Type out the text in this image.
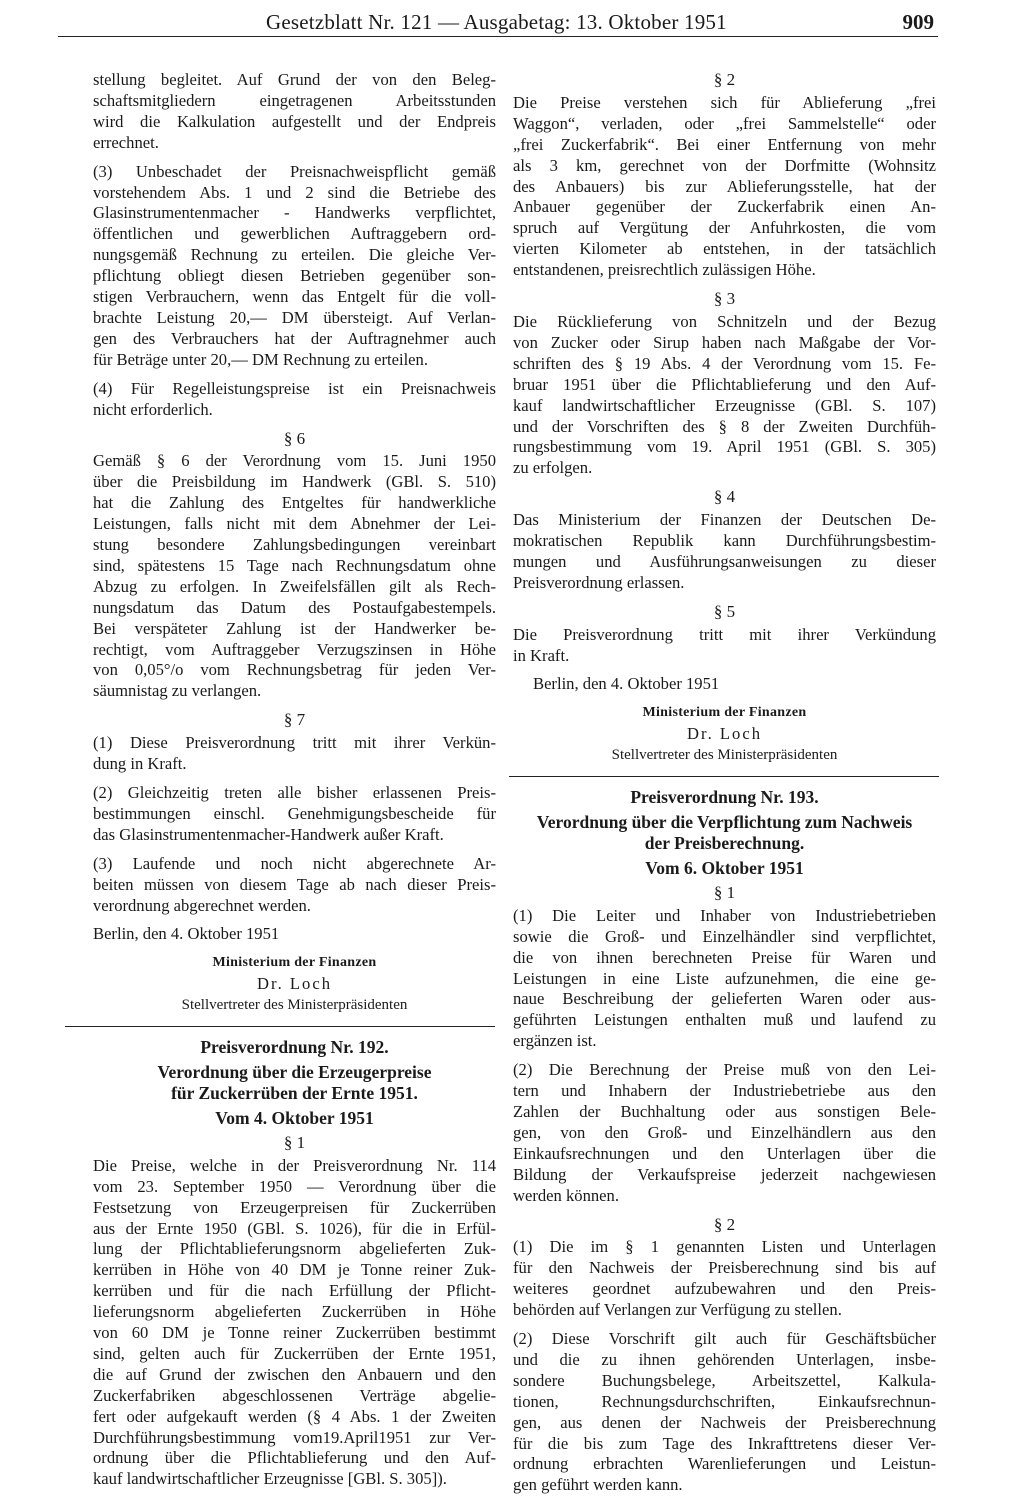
Gesetzblatt Nr. 121 — Ausgabetag: 13. Oktober 1951	909
stellung begleitet. Auf Grund der von den Beleg-
schaftsmitgliedern eingetragenen Arbeitsstunden
wird die Kalkulation aufgestellt und der Endpreis
errechnet.
(3) Unbeschadet der Preisnachweispflicht gemäß
vorstehendem Abs. 1 und 2 sind die Betriebe des
Glasinstrumentenmacher - Handwerks verpflichtet,
öffentlichen und gewerblichen Auftraggebern ord-
nungsgemäß Rechnung zu erteilen. Die gleiche Ver-
pflichtung obliegt diesen Betrieben gegenüber son-
stigen Verbrauchern, wenn das Entgelt für die voll-
brachte Leistung 20,— DM übersteigt. Auf Verlan-
gen des Verbrauchers hat der Auftragnehmer auch
für Beträge unter 20,— DM Rechnung zu erteilen.
(4) Für Regelleistungspreise ist ein Preisnachweis
nicht erforderlich.
§ 6
Gemäß § 6 der Verordnung vom 15. Juni 1950
über die Preisbildung im Handwerk (GBl. S. 510)
hat die Zahlung des Entgeltes für handwerkliche
Leistungen, falls nicht mit dem Abnehmer der Lei-
stung besondere Zahlungsbedingungen vereinbart
sind, spätestens 15 Tage nach Rechnungsdatum ohne
Abzug zu erfolgen. In Zweifelsfällen gilt als Rech-
nungsdatum das Datum des Postaufgabestempels.
Bei verspäteter Zahlung ist der Handwerker be-
rechtigt, vom Auftraggeber Verzugszinsen in Höhe
von 0,05°/o vom Rechnungsbetrag für jeden Ver-
säumnistag zu verlangen.
§ 7
(1) Diese Preisverordnung tritt mit ihrer Verkün-
dung in Kraft.
(2) Gleichzeitig treten alle bisher erlassenen Preis-
bestimmungen einschl. Genehmigungsbescheide für
das Glasinstrumentenmacher-Handwerk außer Kraft.
(3) Laufende und noch nicht abgerechnete Ar-
beiten müssen von diesem Tage ab nach dieser Preis-
verordnung abgerechnet werden.
Berlin, den 4. Oktober 1951
Ministerium der Finanzen
Dr. Loch
Stellvertreter des Ministerpräsidenten
Preisverordnung Nr. 192.
Verordnung über die Erzeugerpreise
für Zuckerrüben der Ernte 1951.
Vom 4. Oktober 1951
§ 1
Die Preise, welche in der Preisverordnung Nr. 114
vom 23. September 1950 — Verordnung über die
Festsetzung von Erzeugerpreisen für Zuckerrüben
aus der Ernte 1950 (GBl. S. 1026), für die in Erfül-
lung der Pflichtablieferungsnorm abgelieferten Zuk-
kerrüben in Höhe von 40 DM je Tonne reiner Zuk-
kerrüben und für die nach Erfüllung der Pflicht-
lieferungsnorm abgelieferten Zuckerrüben in Höhe
von 60 DM je Tonne reiner Zuckerrüben bestimmt
sind, gelten auch für Zuckerrüben der Ernte 1951,
die auf Grund der zwischen den Anbauern und den
Zuckerfabriken abgeschlossenen Verträge abgelie-
fert oder aufgekauft werden (§ 4 Abs. 1 der Zweiten
Durchführungsbestimmung vom19.April1951 zur Ver-
ordnung über die Pflichtablieferung und den Auf-
kauf landwirtschaftlicher Erzeugnisse [GBl. S. 305]).
§ 2
Die Preise verstehen sich für Ablieferung „frei
Waggon“, verladen, oder „frei Sammelstelle“ oder
„frei Zuckerfabrik“. Bei einer Entfernung von mehr
als 3 km, gerechnet von der Dorfmitte (Wohnsitz
des Anbauers) bis zur Ablieferungsstelle, hat der
Anbauer gegenüber der Zuckerfabrik einen An-
spruch auf Vergütung der Anfuhrkosten, die vom
vierten Kilometer ab entstehen, in der tatsächlich
entstandenen, preisrechtlich zulässigen Höhe.
§ 3
Die Rücklieferung von Schnitzeln und der Bezug
von Zucker oder Sirup haben nach Maßgabe der Vor-
schriften des § 19 Abs. 4 der Verordnung vom 15. Fe-
bruar 1951 über die Pflichtablieferung und den Auf-
kauf landwirtschaftlicher Erzeugnisse (GBl. S. 107)
und der Vorschriften des § 8 der Zweiten Durchfüh-
rungsbestimmung vom 19. April 1951 (GBl. S. 305)
zu erfolgen.
§ 4
Das Ministerium der Finanzen der Deutschen De-
mokratischen Republik kann Durchführungsbestim-
mungen und Ausführungsanweisungen zu dieser
Preisverordnung erlassen.
§ 5
Die Preisverordnung tritt mit ihrer Verkündung
in Kraft.
Berlin, den 4. Oktober 1951
Ministerium der Finanzen
Dr. Loch
Stellvertreter des Ministerpräsidenten
Preisverordnung Nr. 193.
Verordnung über die Verpflichtung zum Nachweis
der Preisberechnung.
Vom 6. Oktober 1951
§ 1
(1) Die Leiter und Inhaber von Industriebetrieben
sowie die Groß- und Einzelhändler sind verpflichtet,
die von ihnen berechneten Preise für Waren und
Leistungen in eine Liste aufzunehmen, die eine ge-
naue Beschreibung der gelieferten Waren oder aus-
geführten Leistungen enthalten muß und laufend zu
ergänzen ist.
(2) Die Berechnung der Preise muß von den Lei-
tern und Inhabern der Industriebetriebe aus den
Zahlen der Buchhaltung oder aus sonstigen Bele-
gen, von den Groß- und Einzelhändlern aus den
Einkaufsrechnungen und den Unterlagen über die
Bildung der Verkaufspreise jederzeit nachgewiesen
werden können.
§ 2
(1) Die im § 1 genannten Listen und Unterlagen
für den Nachweis der Preisberechnung sind bis auf
weiteres geordnet aufzubewahren und den Preis-
behörden auf Verlangen zur Verfügung zu stellen.
(2) Diese Vorschrift gilt auch für Geschäftsbücher
und die zu ihnen gehörenden Unterlagen, insbe-
sondere Buchungsbelege, Arbeitszettel, Kalkula-
tionen, Rechnungsdurchschriften, Einkaufsrechnun-
gen, aus denen der Nachweis der Preisberechnung
für die bis zum Tage des Inkrafttretens dieser Ver-
ordnung erbrachten Warenlieferungen und Leistun-
gen geführt werden kann.
